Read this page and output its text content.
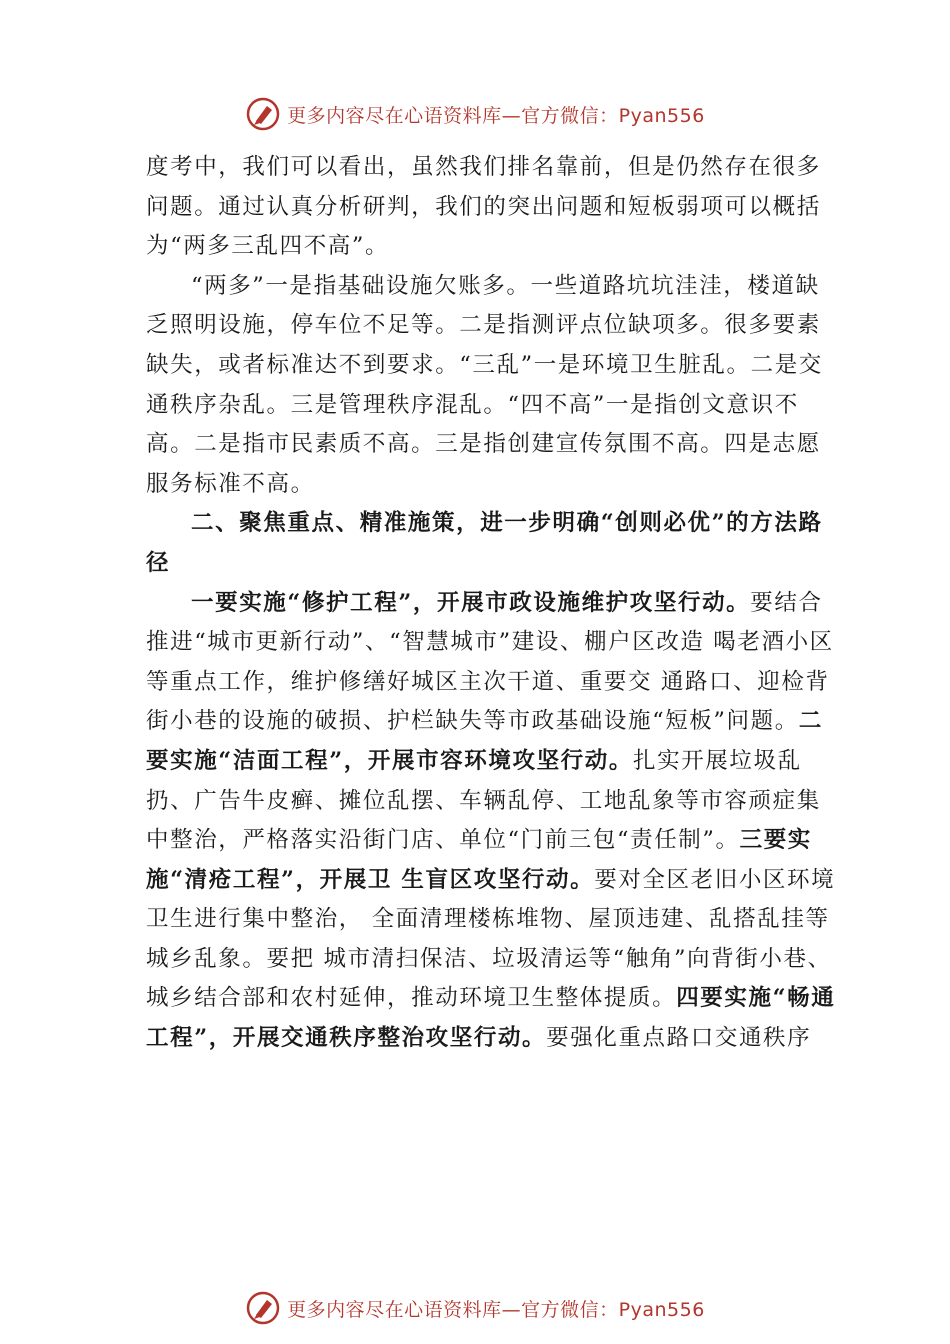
更多内容尽在心语资料库—官方微信：Pyan556

度考中，我们可以看出，虽然我们排名靠前，但是仍然存在很多问题。通过认真分析研判，我们的突出问题和短板弱项可以概括为“两多三乱四不高”。

“两多”一是指基础设施欠账多。一些道路坑坑洼洼，楼道缺乏照明设施，停车位不足等。二是指测评点位缺项多。很多要素缺失，或者标准达不到要求。“三乱”一是环境卫生脏乱。二是交通秩序杂乱。三是管理秩序混乱。“四不高”一是指创文意识不高。二是指市民素质不高。三是指创建宣传氛围不高。四是志愿服务标准不高。

二、聚焦重点、精准施策，进一步明确“创则必优”的方法路径

一要实施“修护工程”，开展市政设施维护攻坚行动。要结合推进“城市更新行动”、“智慧城市”建设、棚户区改造 喝老酒小区等重点工作，维护修缮好城区主次干道、重要交 通路口、迎检背街小巷的设施的破损、护栏缺失等市政基础设施“短板”问题。二要实施“洁面工程”，开展市容环境攻坚行动。扎实开展垃圾乱扔、广告牛皮癣、摊位乱摆、车辆乱停、工地乱象等市容顽症集中整治，严格落实沿街门店、单位“门前三包“责任制”。三要实施“清疮工程”，开展卫 生盲区攻坚行动。要对全区老旧小区环境卫生进行集中整治， 全面清理楼栋堆物、屋顶违建、乱搭乱挂等城乡乱象。要把 城市清扫保洁、垃圾清运等“触角”向背街小巷、城乡结合部和农村延伸，推动环境卫生整体提质。四要实施“畅通工程”，开展交通秩序整治攻坚行动。要强化重点路口交通秩序

更多内容尽在心语资料库—官方微信：Pyan556
